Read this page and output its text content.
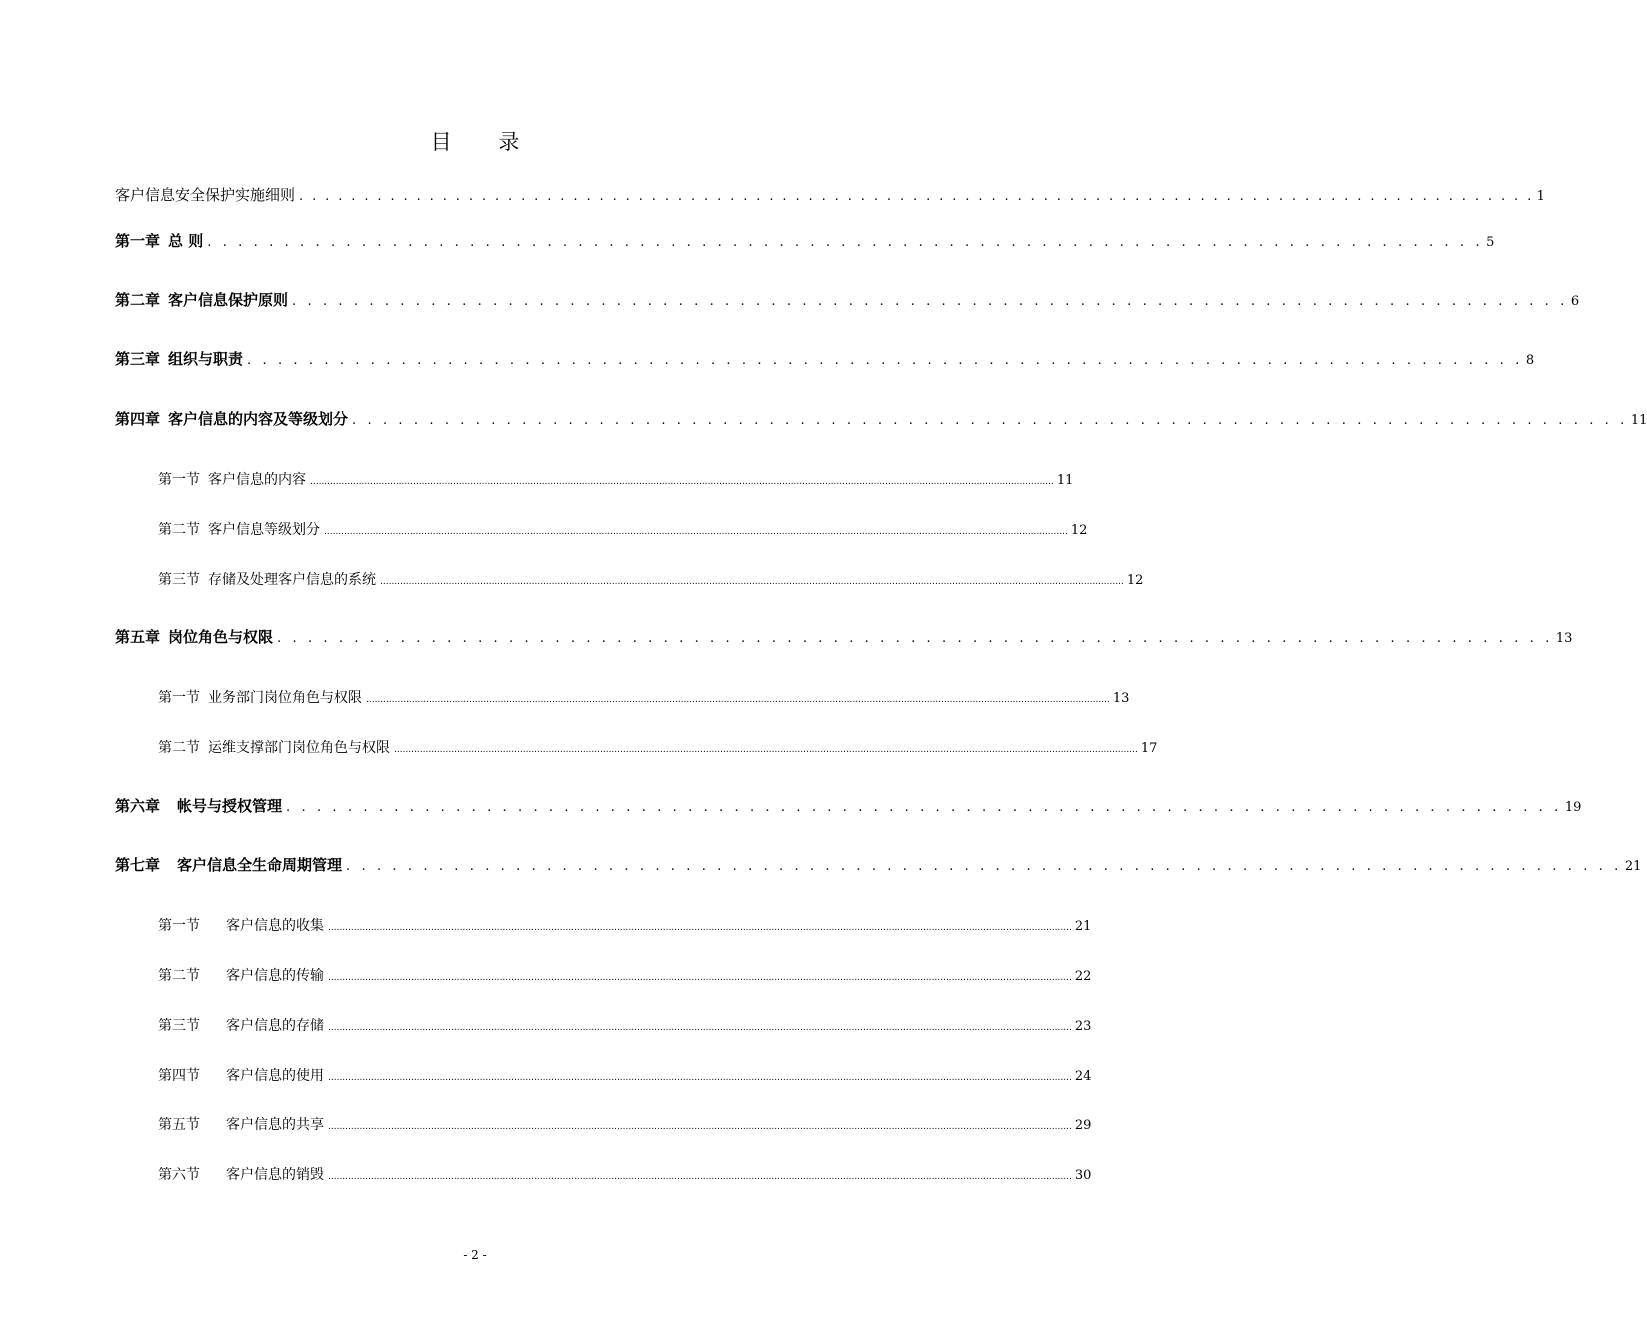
目 录
客户信息安全保护实施细则 . . . . . . . . . . . . . . . . . . . . . . . . . . . . . . . . . . . . . . . . . . . . . . . . . . . . . . . . . . . . . . . . . . . . . . . . . . . . . . . . . . . . . . . . . . . . . . . 1
第一章 总 则 . . . . . . . . . . . . . . . . . . . . . . . . . . . . . . . . . . . . . . . . . . . . . . . . . . . . . . . . . . . . . . . . . . . . . . . . . . . . . . . . . . . 5
第二章 客户信息保护原则 . . . . . . . . . . . . . . . . . . . . . . . . . . . . . . . . . . . . . . . . . . . . . . . . . . . . . . . . . . . . . . . . . . . . . . . . . . . . . . . . . . . 6
第三章 组织与职责 . . . . . . . . . . . . . . . . . . . . . . . . . . . . . . . . . . . . . . . . . . . . . . . . . . . . . . . . . . . . . . . . . . . . . . . . . . . . . . . . . . . 8
第四章 客户信息的内容及等级划分 . . . . . . . . . . . . . . . . . . . . . . . . . . . . . . . . . . . . . . . . . . . . . . . . . . . . . . . . . . . . . . . . . . . . . . . . . . . . . . . . . . . 11
第一节 客户信息的内容 .................................................................................................................................................................................................................................................................... 11
第二节 客户信息等级划分 .................................................................................................................................................................................................................................................................... 12
第三节 存储及处理客户信息的系统 .................................................................................................................................................................................................................................................................... 12
第五章 岗位角色与权限 . . . . . . . . . . . . . . . . . . . . . . . . . . . . . . . . . . . . . . . . . . . . . . . . . . . . . . . . . . . . . . . . . . . . . . . . . . . . . . . . . . . 13
第一节 业务部门岗位角色与权限 .................................................................................................................................................................................................................................................................... 13
第二节 运维支撑部门岗位角色与权限 .................................................................................................................................................................................................................................................................... 17
第六章 帐号与授权管理 . . . . . . . . . . . . . . . . . . . . . . . . . . . . . . . . . . . . . . . . . . . . . . . . . . . . . . . . . . . . . . . . . . . . . . . . . . . . . . . . . . . 19
第七章 客户信息全生命周期管理 . . . . . . . . . . . . . . . . . . . . . . . . . . . . . . . . . . . . . . . . . . . . . . . . . . . . . . . . . . . . . . . . . . . . . . . . . . . . . . . . . . . 21
第一节 客户信息的收集 .................................................................................................................................................................................................................................................................... 21
第二节 客户信息的传输 .................................................................................................................................................................................................................................................................... 22
第三节 客户信息的存储 .................................................................................................................................................................................................................................................................... 23
第四节 客户信息的使用 .................................................................................................................................................................................................................................................................... 24
第五节 客户信息的共享 .................................................................................................................................................................................................................................................................... 29
第六节 客户信息的销毁 .................................................................................................................................................................................................................................................................... 30
- 2 -
